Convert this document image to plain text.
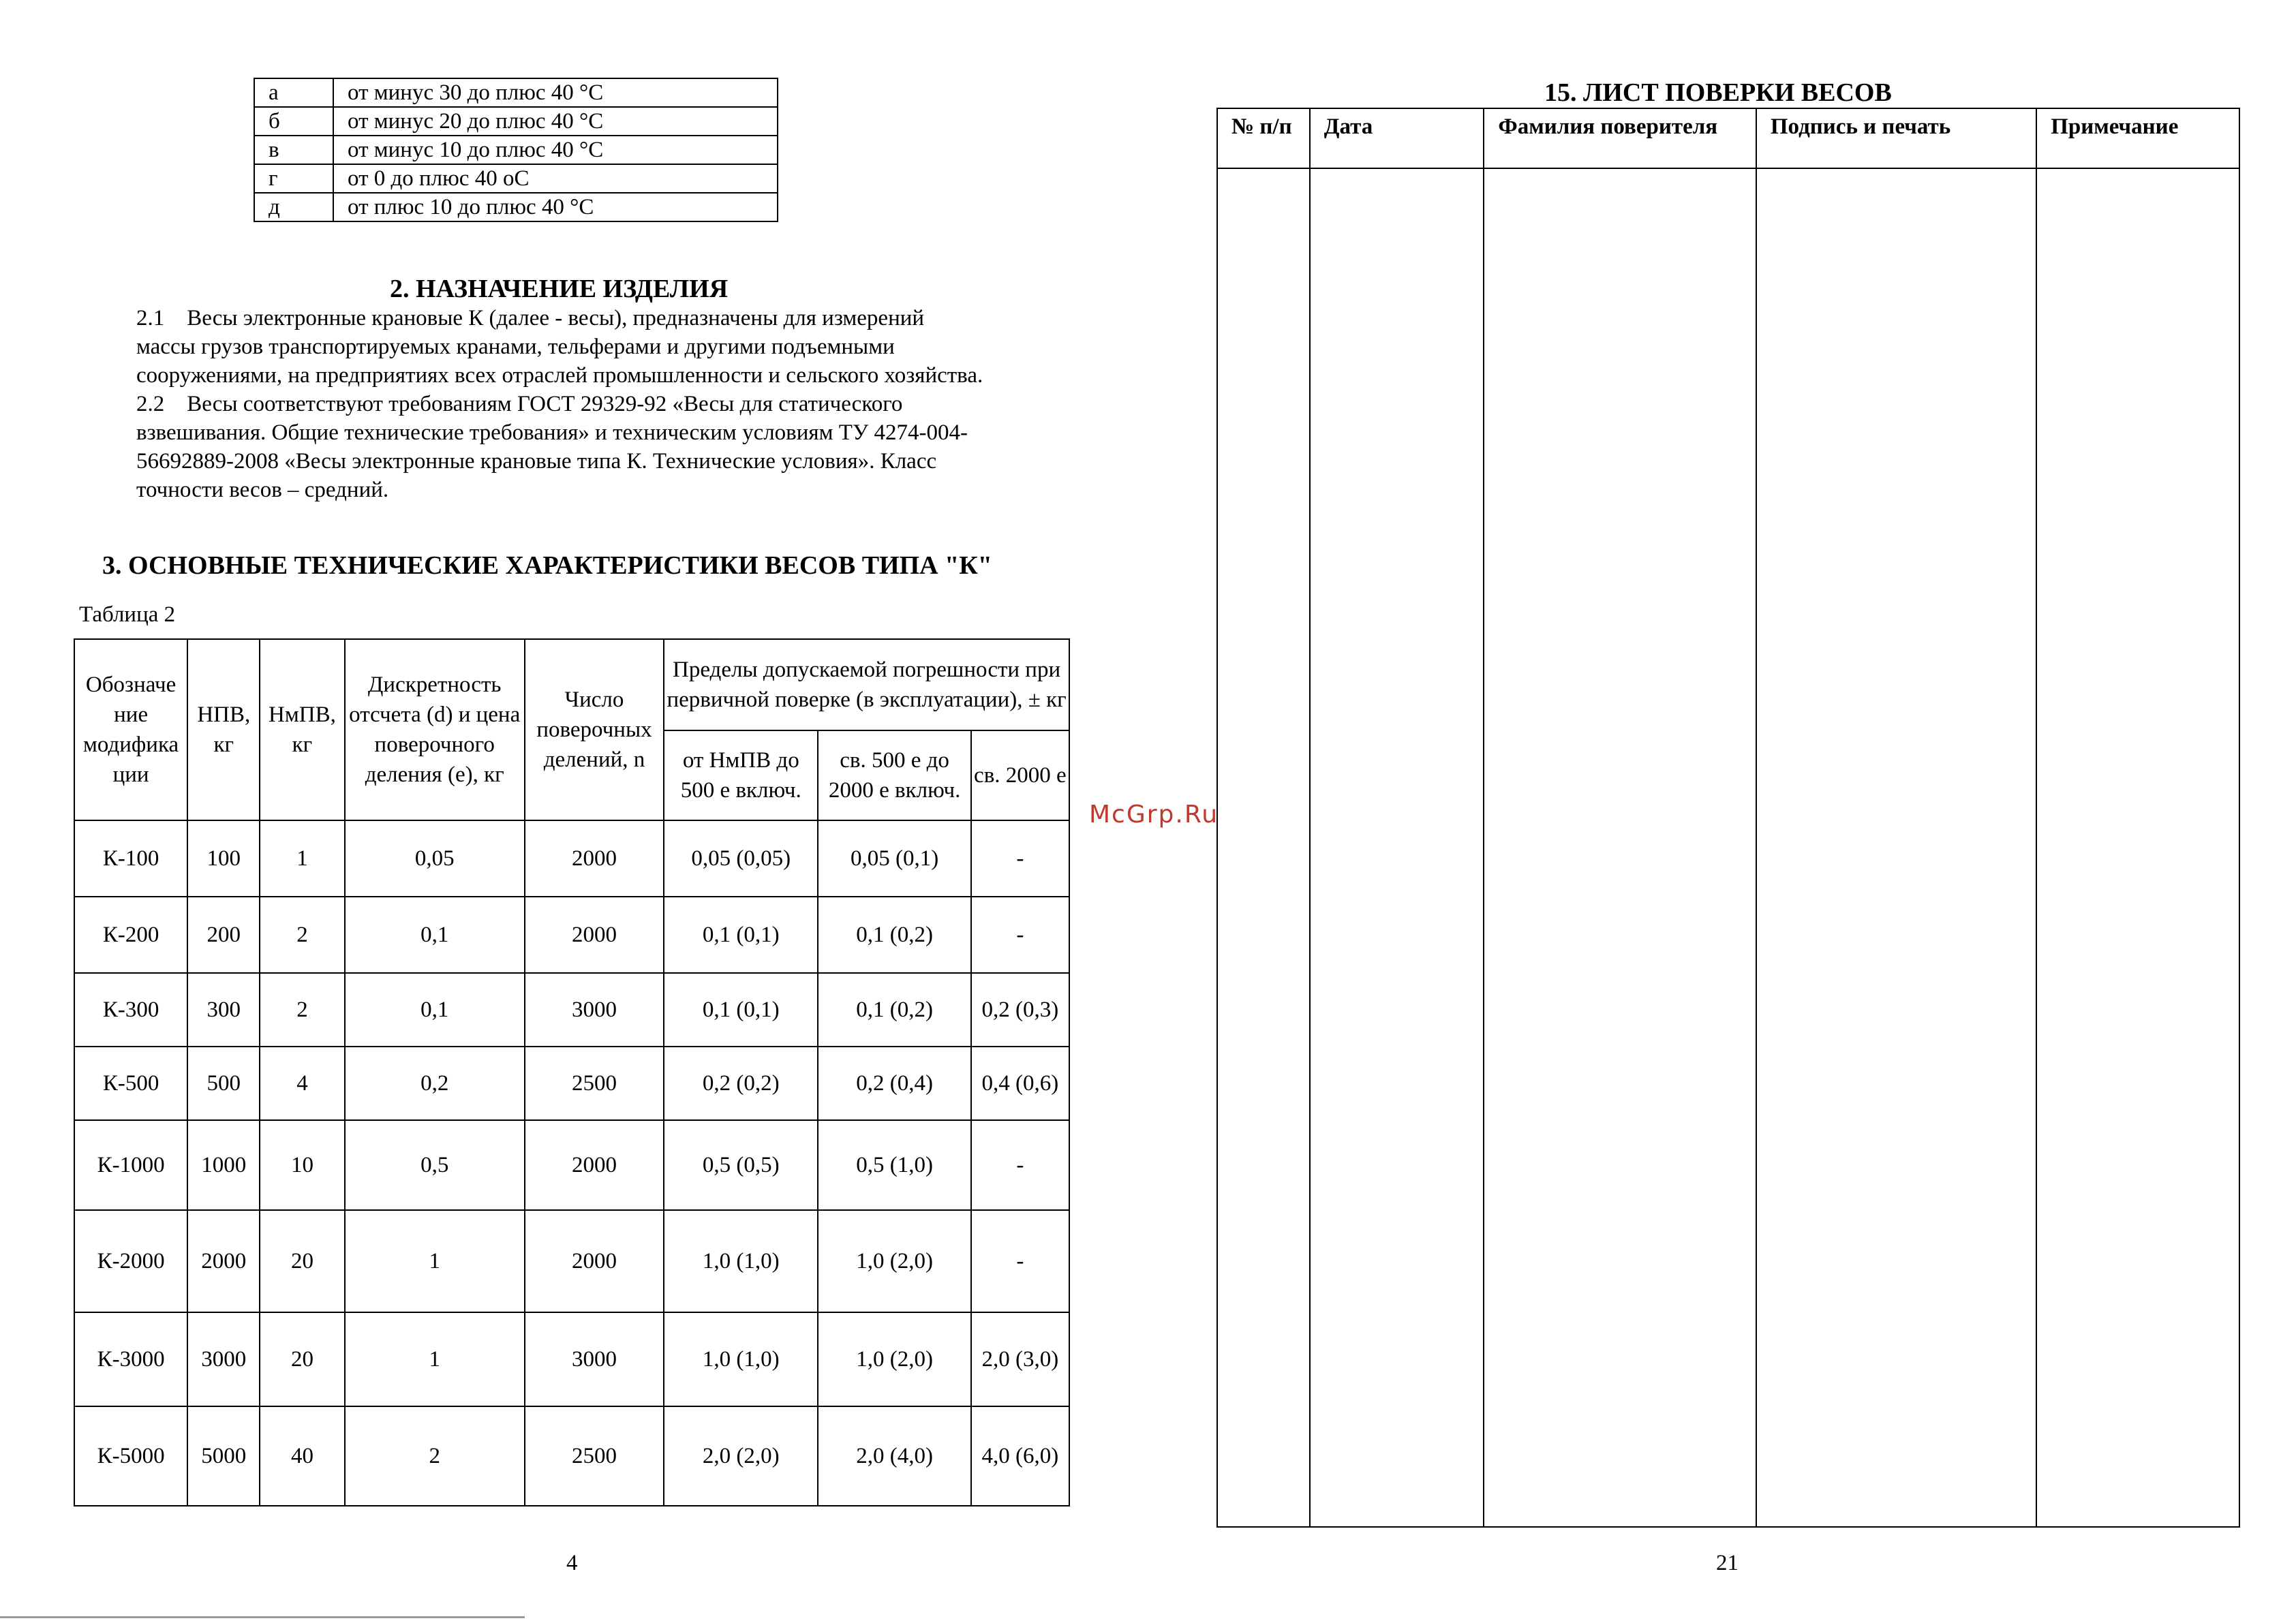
а	от минус 30 до плюс 40 °С
б	от минус 20 до плюс 40 °С
в	от минус 10 до плюс 40 °С
г	от 0 до плюс 40 оС
д	от плюс 10 до плюс 40 °С
2. НАЗНАЧЕНИЕ ИЗДЕЛИЯ
2.1    Весы электронные крановые К (далее - весы), предназначены для измерений
массы грузов транспортируемых кранами, тельферами и другими подъемными
сооружениями, на предприятиях всех отраслей промышленности и сельского хозяйства.
2.2    Весы соответствуют требованиям ГОСТ 29329-92 «Весы для статического
взвешивания. Общие технические требования» и техническим условиям ТУ 4274-004-
56692889-2008 «Весы электронные крановые типа К. Технические условия». Класс
точности весов – средний.
3. ОСНОВНЫЕ ТЕХНИЧЕСКИЕ ХАРАКТЕРИСТИКИ ВЕСОВ ТИПА "К"
Таблица 2
Обозначе ние модифика ции	НПВ, кг	НмПВ, кг	Дискретность отсчета (d) и цена поверочного деления (е), кг	Число поверочных делений, n	Пределы допускаемой погрешности при первичной поверке (в эксплуатации), ± кг		
					от НмПВ до 500 е включ.	св. 500 е до 2000 е включ.	св. 2000 е
К-100	100	1	0,05	2000	0,05 (0,05)	0,05 (0,1)	-
К-200	200	2	0,1	2000	0,1 (0,1)	0,1 (0,2)	-
К-300	300	2	0,1	3000	0,1 (0,1)	0,1 (0,2)	0,2 (0,3)
К-500	500	4	0,2	2500	0,2 (0,2)	0,2 (0,4)	0,4 (0,6)
К-1000	1000	10	0,5	2000	0,5 (0,5)	0,5 (1,0)	-
К-2000	2000	20	1	2000	1,0 (1,0)	1,0 (2,0)	-
К-3000	3000	20	1	3000	1,0 (1,0)	1,0 (2,0)	2,0 (3,0)
К-5000	5000	40	2	2500	2,0 (2,0)	2,0 (4,0)	4,0 (6,0)
4
15. ЛИСТ ПОВЕРКИ ВЕСОВ
№ п/п	Дата	Фамилия поверителя	Подпись и печать	Примечание

21
McGrp.Ru
